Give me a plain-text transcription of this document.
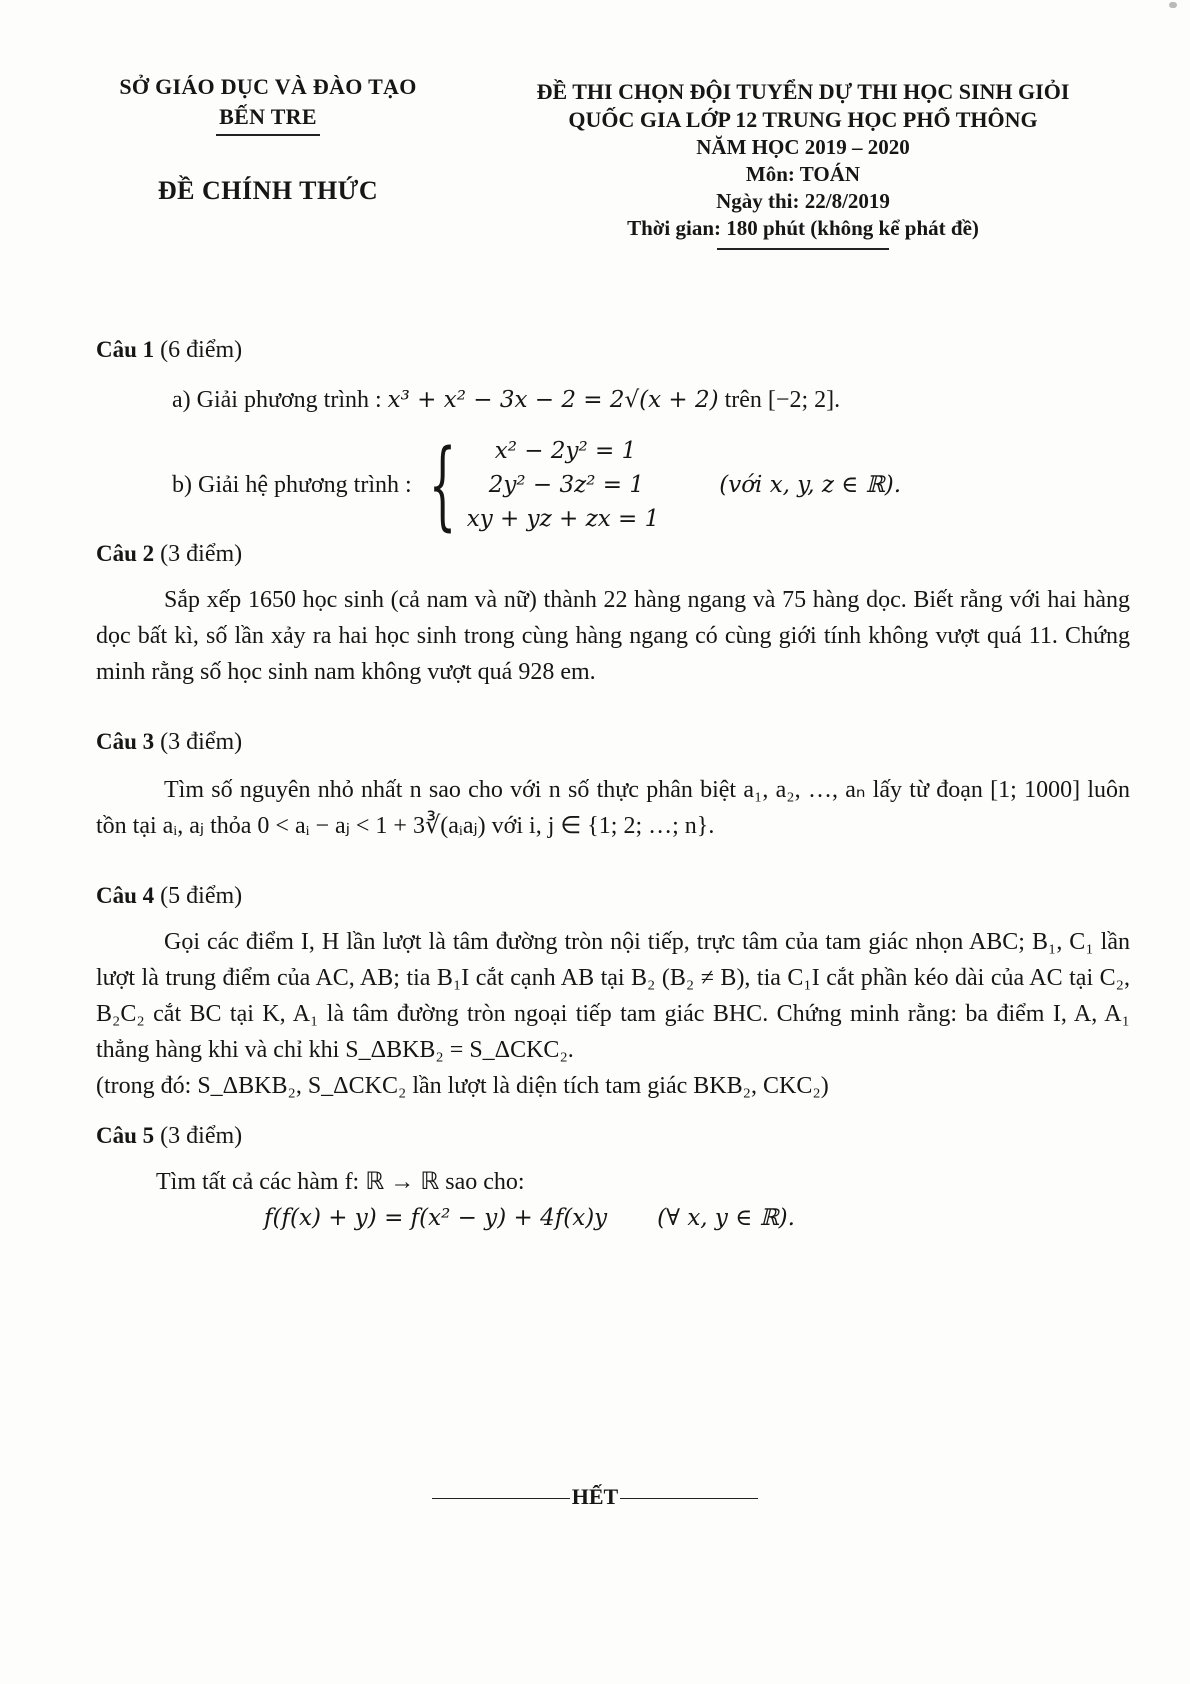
SỞ GIÁO DỤC VÀ ĐÀO TẠO
BẾN TRE
ĐỀ CHÍNH THỨC
ĐỀ THI CHỌN ĐỘI TUYỂN DỰ THI HỌC SINH GIỎI
QUỐC GIA LỚP 12 TRUNG HỌC PHỔ THÔNG
NĂM HỌC 2019 – 2020
Môn: TOÁN
Ngày thi: 22/8/2019
Thời gian: 180 phút (không kể phát đề)
Câu 1 (6 điểm)
a) Giải phương trình : x³ + x² − 3x − 2 = 2√(x + 2) trên [−2; 2].
b) Giải hệ phương trình : {	x² − 2y² = 1
2y² − 3z² = 1
xy + yz + zx = 1
(với x, y, z ∈ ℝ).
Câu 2 (3 điểm)
Sắp xếp 1650 học sinh (cả nam và nữ) thành 22 hàng ngang và 75 hàng dọc. Biết rằng với hai hàng dọc bất kì, số lần xảy ra hai học sinh trong cùng hàng ngang có cùng giới tính không vượt quá 11. Chứng minh rằng số học sinh nam không vượt quá 928 em.
Câu 3 (3 điểm)
Tìm số nguyên nhỏ nhất n sao cho với n số thực phân biệt a₁, a₂, …, aₙ lấy từ đoạn [1; 1000] luôn tồn tại aᵢ, aⱼ thỏa 0 < aᵢ − aⱼ < 1 + 3∛(aᵢaⱼ) với i, j ∈ {1; 2; …; n}.
Câu 4 (5 điểm)
Gọi các điểm I, H lần lượt là tâm đường tròn nội tiếp, trực tâm của tam giác nhọn ABC; B₁, C₁ lần lượt là trung điểm của AC, AB; tia B₁I cắt cạnh AB tại B₂ (B₂ ≠ B), tia C₁I cắt phần kéo dài của AC tại C₂, B₂C₂ cắt BC tại K, A₁ là tâm đường tròn ngoại tiếp tam giác BHC. Chứng minh rằng: ba điểm I, A, A₁ thẳng hàng khi và chỉ khi S_ΔBKB₂ = S_ΔCKC₂.
(trong đó: S_ΔBKB₂, S_ΔCKC₂ lần lượt là diện tích tam giác BKB₂, CKC₂)
Câu 5 (3 điểm)
Tìm tất cả các hàm f: ℝ → ℝ sao cho:
f(f(x) + y) = f(x² − y) + 4f(x)y (∀ x, y ∈ ℝ).
HẾT
